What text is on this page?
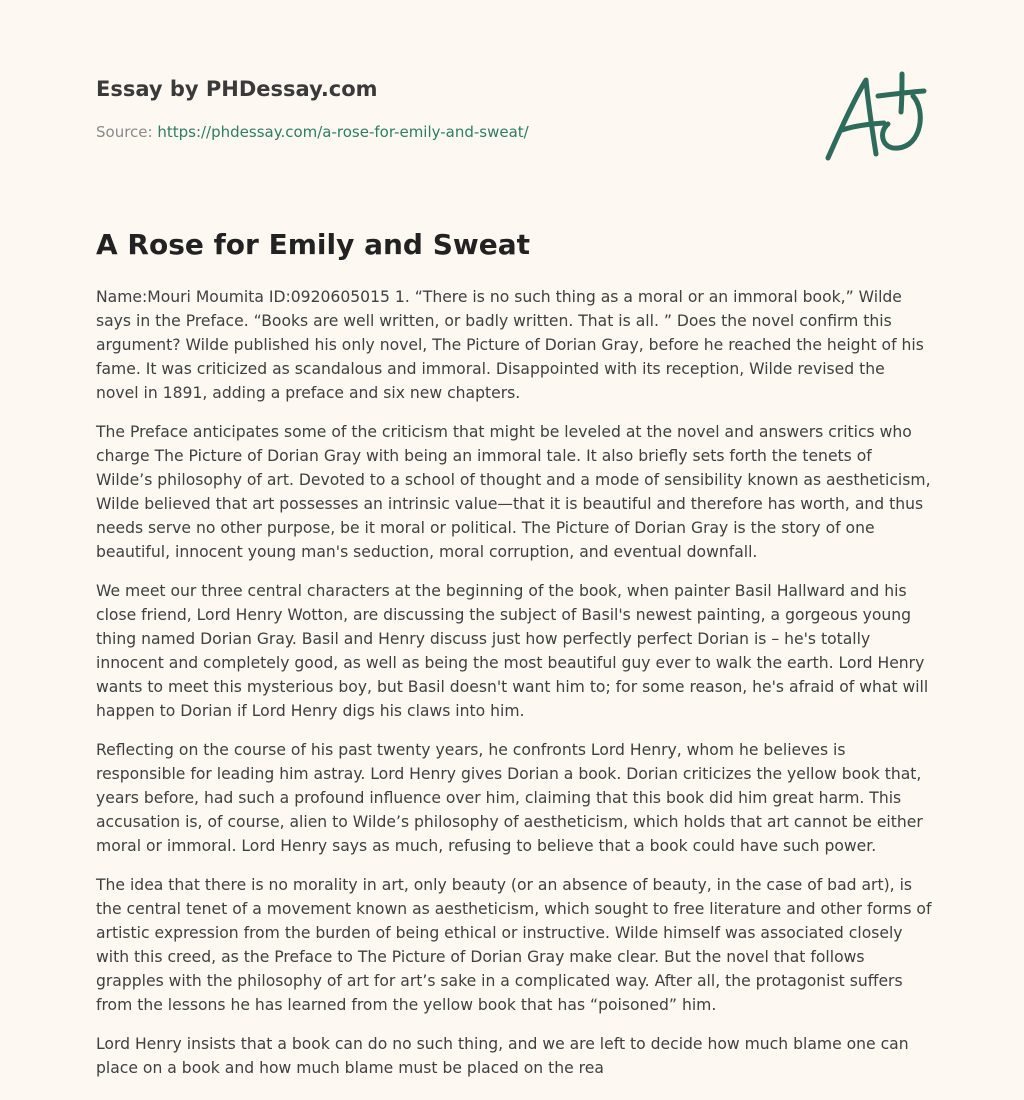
Essay by PHDessay.com
Source: https://phdessay.com/a-rose-for-emily-and-sweat/
A Rose for Emily and Sweat

Name:Mouri Moumita ID:0920605015 1. “There is no such thing as a moral or an immoral book,” Wilde says in the Preface. “Books are well written, or badly written. That is all. ” Does the novel confirm this argument? Wilde published his only novel, The Picture of Dorian Gray, before he reached the height of his fame. It was criticized as scandalous and immoral. Disappointed with its reception, Wilde revised the novel in 1891, adding a preface and six new chapters.

The Preface anticipates some of the criticism that might be leveled at the novel and answers critics who charge The Picture of Dorian Gray with being an immoral tale. It also briefly sets forth the tenets of Wilde’s philosophy of art. Devoted to a school of thought and a mode of sensibility known as aestheticism, Wilde believed that art possesses an intrinsic value—that it is beautiful and therefore has worth, and thus needs serve no other purpose, be it moral or political. The Picture of Dorian Gray is the story of one beautiful, innocent young man's seduction, moral corruption, and eventual downfall.

We meet our three central characters at the beginning of the book, when painter Basil Hallward and his close friend, Lord Henry Wotton, are discussing the subject of Basil's newest painting, a gorgeous young thing named Dorian Gray. Basil and Henry discuss just how perfectly perfect Dorian is – he's totally innocent and completely good, as well as being the most beautiful guy ever to walk the earth. Lord Henry wants to meet this mysterious boy, but Basil doesn't want him to; for some reason, he's afraid of what will happen to Dorian if Lord Henry digs his claws into him.

Reflecting on the course of his past twenty years, he confronts Lord Henry, whom he believes is responsible for leading him astray. Lord Henry gives Dorian a book. Dorian criticizes the yellow book that, years before, had such a profound influence over him, claiming that this book did him great harm. This accusation is, of course, alien to Wilde’s philosophy of aestheticism, which holds that art cannot be either moral or immoral. Lord Henry says as much, refusing to believe that a book could have such power.

The idea that there is no morality in art, only beauty (or an absence of beauty, in the case of bad art), is the central tenet of a movement known as aestheticism, which sought to free literature and other forms of artistic expression from the burden of being ethical or instructive. Wilde himself was associated closely with this creed, as the Preface to The Picture of Dorian Gray make clear. But the novel that follows grapples with the philosophy of art for art’s sake in a complicated way. After all, the protagonist suffers from the lessons he has learned from the yellow book that has “poisoned” him.

Lord Henry insists that a book can do no such thing, and we are left to decide how much blame one can place on a book and how much blame must be placed on the rea
